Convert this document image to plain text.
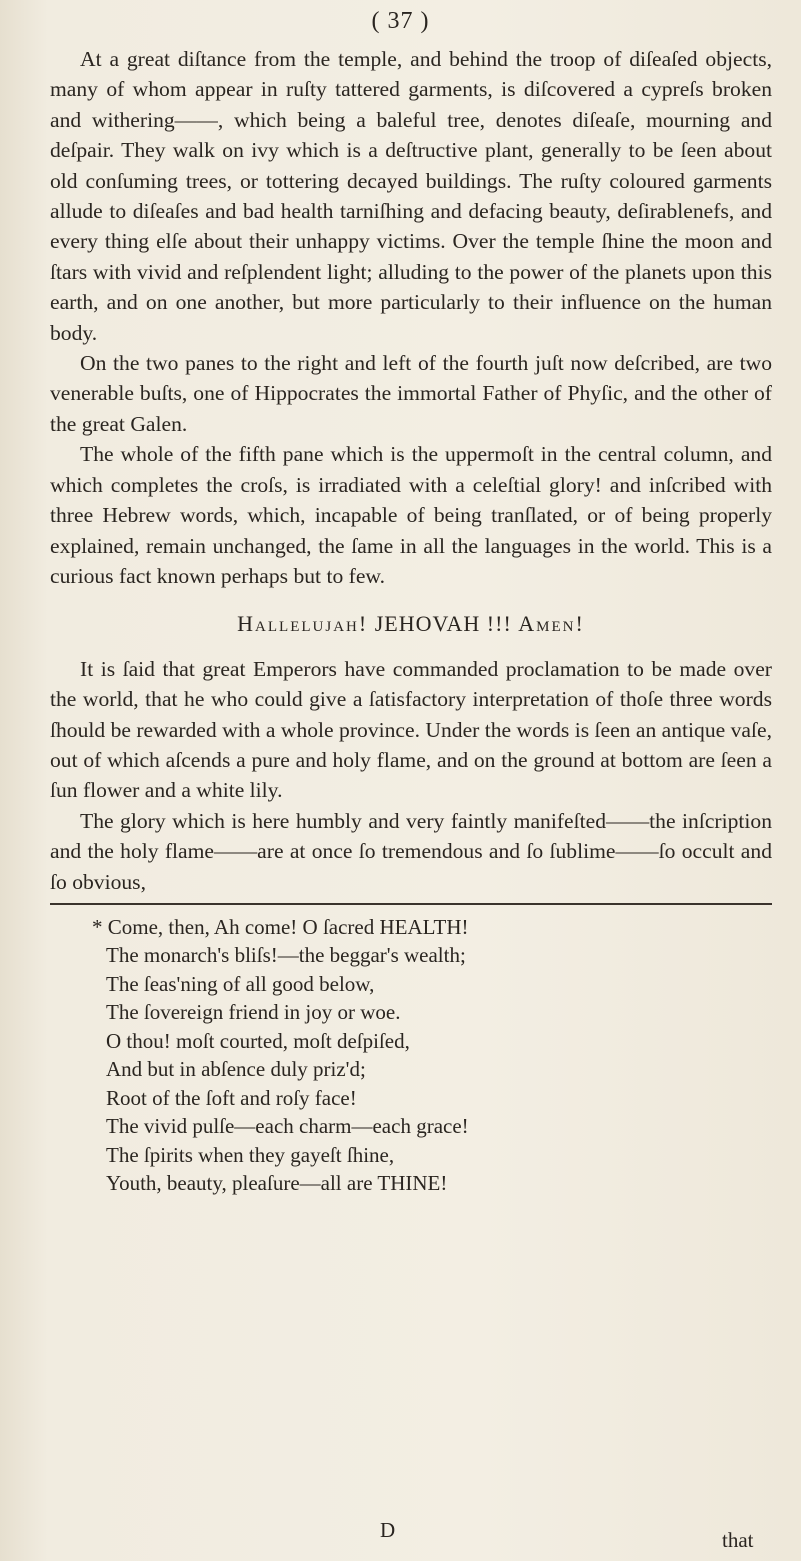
( 37 )

At a great diſtance from the temple, and behind the troop of diſeaſed objects, many of whom appear in ruſty tattered garments, is diſcovered a cypreſs broken and withering——, which being a baleful tree, denotes diſeaſe, mourning and deſpair. They walk on ivy which is a deſtructive plant, generally to be ſeen about old conſuming trees, or tottering decayed buildings. The ruſty coloured garments allude to diſeaſes and bad health tarniſhing and defacing beauty, deſirablenefs, and every thing elſe about their unhappy victims. Over the temple ſhine the moon and ſtars with vivid and reſplendent light; alluding to the power of the planets upon this earth, and on one another, but more particularly to their influence on the human body.

On the two panes to the right and left of the fourth juſt now deſcribed, are two venerable buſts, one of Hippocrates the immortal Father of Phyſic, and the other of the great Galen.

The whole of the fifth pane which is the uppermoſt in the central column, and which completes the croſs, is irradiated with a celeſtial glory! and inſcribed with three Hebrew words, which, incapable of being tranſlated, or of being properly explained, remain unchanged, the ſame in all the languages in the world. This is a curious fact known perhaps but to few.

Hallelujah! JEHOVAH !!! Amen!

It is ſaid that great Emperors have commanded proclamation to be made over the world, that he who could give a ſatisfactory interpretation of thoſe three words ſhould be rewarded with a whole province. Under the words is ſeen an antique vaſe, out of which aſcends a pure and holy flame, and on the ground at bottom are ſeen a ſun flower and a white lily.

The glory which is here humbly and very faintly manifeſted——the inſcription and the holy flame——are at once ſo tremendous and ſo ſublime——ſo occult and ſo obvious,

* Come, then, Ah come! O ſacred HEALTH!

The monarch's bliſs!—the beggar's wealth;

The ſeas'ning of all good below,

The ſovereign friend in joy or woe.

O thou! moſt courted, moſt deſpiſed,

And but in abſence duly priz'd;

Root of the ſoft and roſy face!

The vivid pulſe—each charm—each grace!

The ſpirits when they gayeſt ſhine,

Youth, beauty, pleaſure—all are THINE!

D	that
